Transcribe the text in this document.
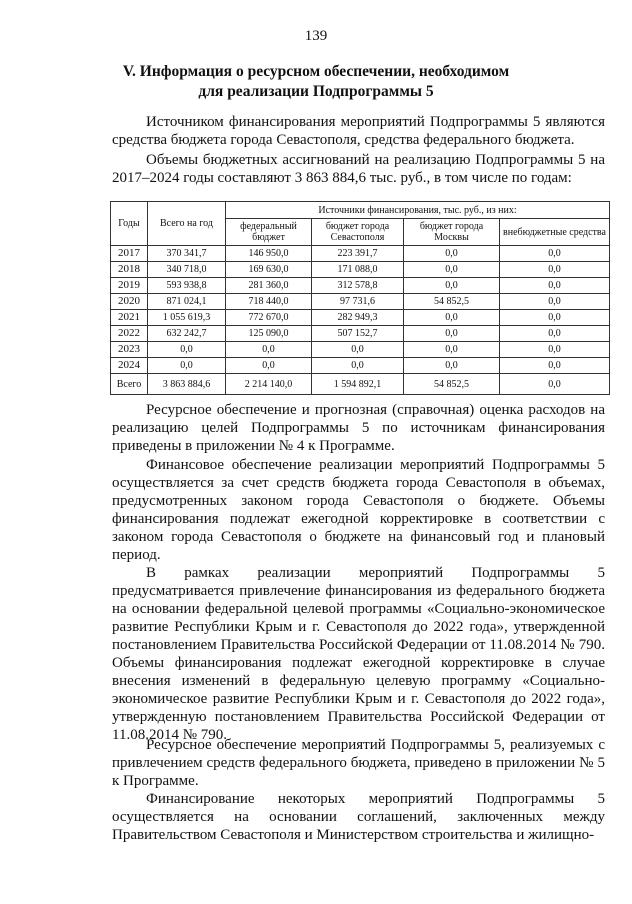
139
V. Информация о ресурсном обеспечении, необходимом
для реализации Подпрограммы 5

Источником финансирования мероприятий Подпрограммы 5 являются средства бюджета города Севастополя, средства федерального бюджета.

Объемы бюджетных ассигнований на реализацию Подпрограммы 5 на 2017–2024 годы составляют 3 863 884,6 тыс. руб., в том числе по годам:

Годы	Всего на год	Источники финансирования, тыс. руб., из них:			
		федеральный бюджет	бюджет города Севастополя	бюджет города Москвы	внебюджетные средства
2017	370 341,7	146 950,0	223 391,7	0,0	0,0
2018	340 718,0	169 630,0	171 088,0	0,0	0,0
2019	593 938,8	281 360,0	312 578,8	0,0	0,0
2020	871 024,1	718 440,0	97 731,6	54 852,5	0,0
2021	1 055 619,3	772 670,0	282 949,3	0,0	0,0
2022	632 242,7	125 090,0	507 152,7	0,0	0,0
2023	0,0	0,0	0,0	0,0	0,0
2024	0,0	0,0	0,0	0,0	0,0
Всего	3 863 884,6	2 214 140,0	1 594 892,1	54 852,5	0,0

Ресурсное обеспечение и прогнозная (справочная) оценка расходов на реализацию целей Подпрограммы 5 по источникам финансирования приведены в приложении № 4 к Программе.

Финансовое обеспечение реализации мероприятий Подпрограммы 5 осуществляется за счет средств бюджета города Севастополя в объемах, предусмотренных законом города Севастополя о бюджете. Объемы финансирования подлежат ежегодной корректировке в соответствии с законом города Севастополя о бюджете на финансовый год и плановый период.

В рамках реализации мероприятий Подпрограммы 5 предусматривается привлечение финансирования из федерального бюджета на основании федеральной целевой программы «Социально-экономическое развитие Республики Крым и г. Севастополя до 2022 года», утвержденной постановлением Правительства Российской Федерации от 11.08.2014 № 790. Объемы финансирования подлежат ежегодной корректировке в случае внесения изменений в федеральную целевую программу «Социально-экономическое развитие Республики Крым и г. Севастополя до 2022 года», утвержденную постановлением Правительства Российской Федерации от 11.08.2014 № 790.

Ресурсное обеспечение мероприятий Подпрограммы 5, реализуемых с привлечением средств федерального бюджета, приведено в приложении № 5 к Программе.

Финансирование некоторых мероприятий Подпрограммы 5 осуществляется на основании соглашений, заключенных между Правительством Севастополя и Министерством строительства и жилищно-
